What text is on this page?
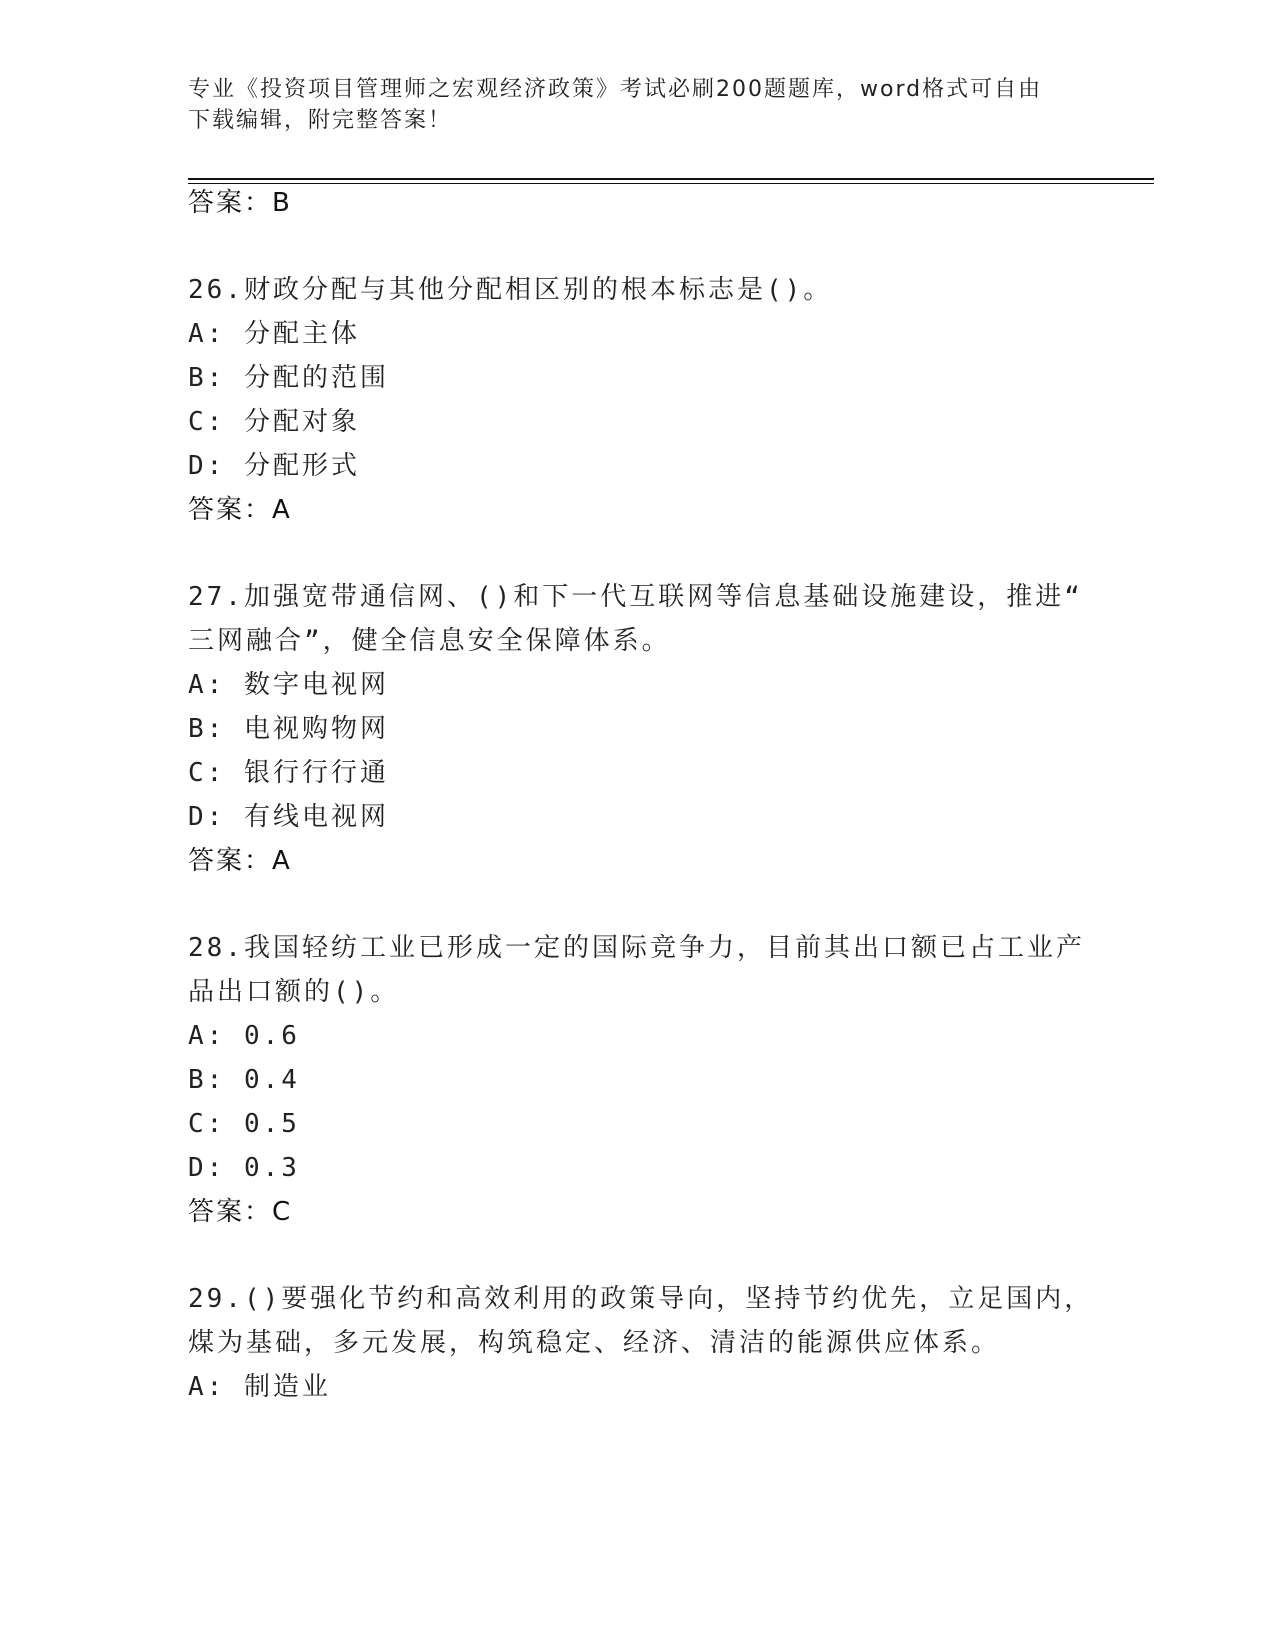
专业《投资项目管理师之宏观经济政策》考试必刷200题题库，word格式可自由
下载编辑，附完整答案！
答案：B
26.财政分配与其他分配相区别的根本标志是()。
A: 分配主体
B: 分配的范围
C: 分配对象
D: 分配形式
答案：A
27.加强宽带通信网、()和下一代互联网等信息基础设施建设，推进“
三网融合”，健全信息安全保障体系。
A: 数字电视网
B: 电视购物网
C: 银行行行通
D: 有线电视网
答案：A
28.我国轻纺工业已形成一定的国际竞争力，目前其出口额已占工业产
品出口额的()。
A: 0.6
B: 0.4
C: 0.5
D: 0.3
答案：C
29.()要强化节约和高效利用的政策导向，坚持节约优先，立足国内，
煤为基础，多元发展，构筑稳定、经济、清洁的能源供应体系。
A: 制造业
